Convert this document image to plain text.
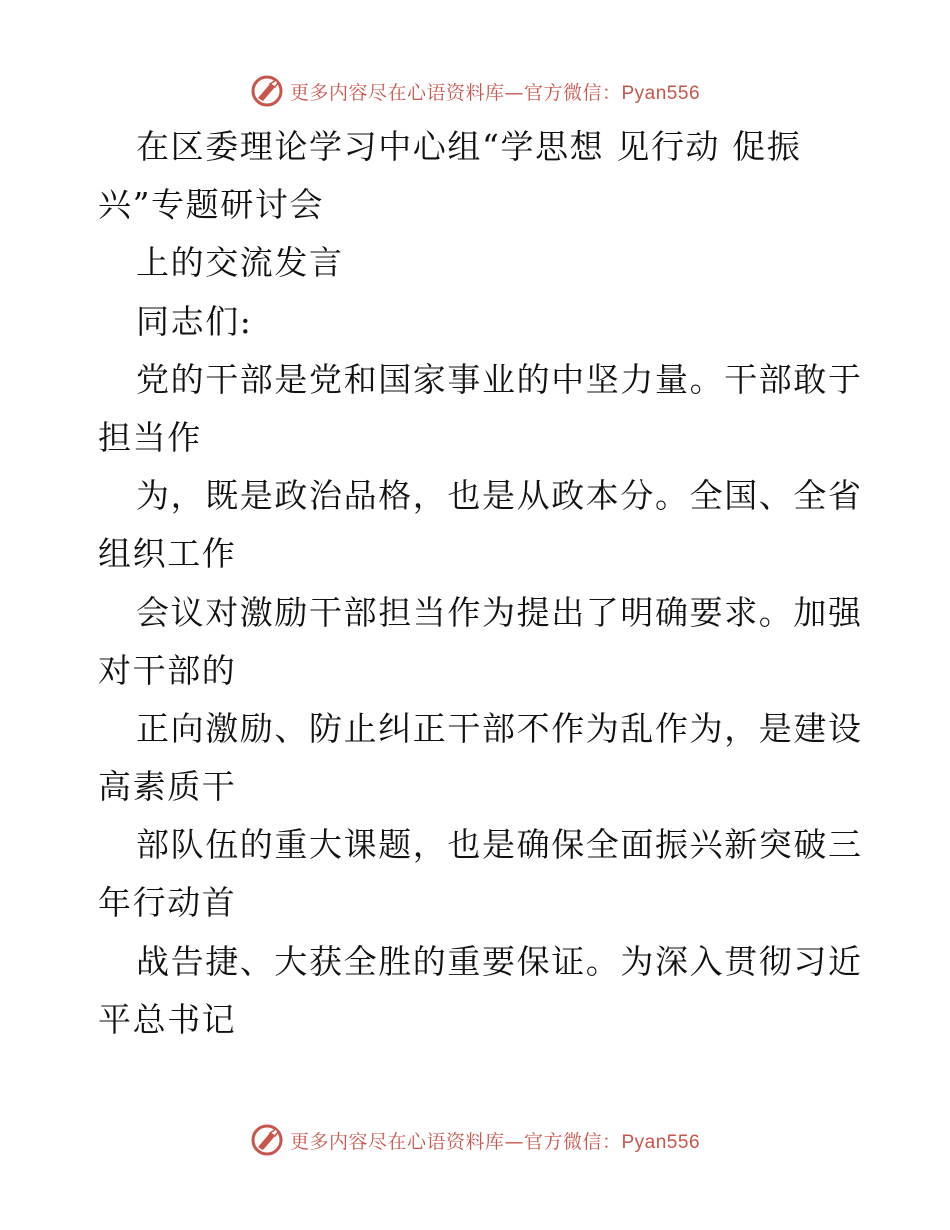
更多内容尽在心语资料库—官方微信：Pyan556
在区委理论学习中心组“学思想 见行动 促振
兴”专题研讨会
上的交流发言
同志们:
党的干部是党和国家事业的中坚力量。干部敢于
担当作
为，既是政治品格，也是从政本分。全国、全省
组织工作
会议对激励干部担当作为提出了明确要求。加强
对干部的
正向激励、防止纠正干部不作为乱作为，是建设
高素质干
部队伍的重大课题，也是确保全面振兴新突破三
年行动首
战告捷、大获全胜的重要保证。为深入贯彻习近
平总书记
更多内容尽在心语资料库—官方微信：Pyan556
